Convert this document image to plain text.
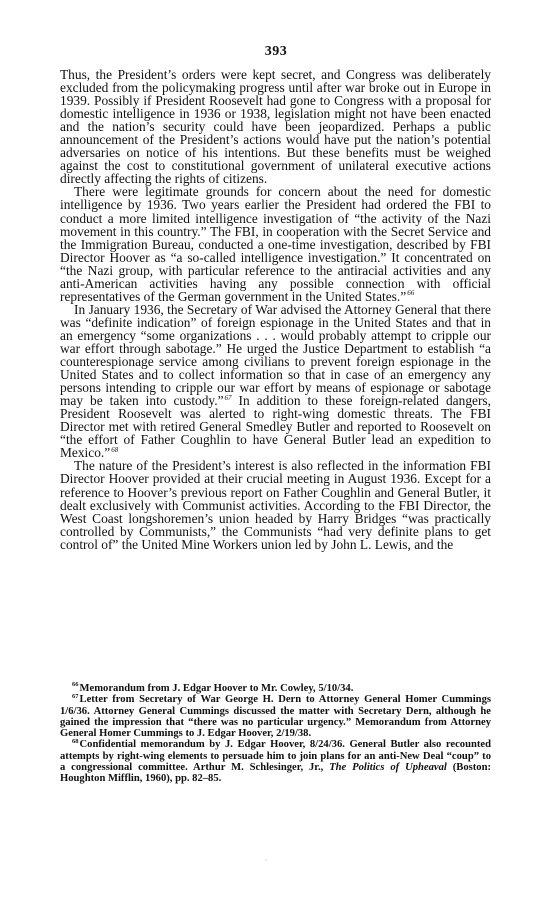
393

Thus, the President’s orders were kept secret, and Congress was deliberately excluded from the policymaking progress until after war broke out in Europe in 1939. Possibly if President Roosevelt had gone to Congress with a proposal for domestic intelligence in 1936 or 1938, legislation might not have been enacted and the nation’s security could have been jeopardized. Perhaps a public announcement of the President’s actions would have put the nation’s potential adversaries on notice of his intentions. But these benefits must be weighed against the cost to constitutional government of unilateral executive actions directly affecting the rights of citizens.

There were legitimate grounds for concern about the need for domestic intelligence by 1936. Two years earlier the President had ordered the FBI to conduct a more limited intelligence investigation of “the activity of the Nazi movement in this country.” The FBI, in cooperation with the Secret Service and the Immigration Bureau, conducted a one-time investigation, described by FBI Director Hoover as “a so-called intelligence investigation.” It concentrated on “the Nazi group, with particular reference to the antiracial activities and any anti-American activities having any possible connection with official representatives of the German government in the United States.”$^{66}$

In January 1936, the Secretary of War advised the Attorney General that there was “definite indication” of foreign espionage in the United States and that in an emergency “some organizations . . . would probably attempt to cripple our war effort through sabotage.” He urged the Justice Department to establish “a counterespionage service among civilians to prevent foreign espionage in the United States and to collect information so that in case of an emergency any persons intending to cripple our war effort by means of espionage or sabotage may be taken into custody.”$^{67}$ In addition to these foreign-related dangers, President Roosevelt was alerted to right-wing domestic threats. The FBI Director met with retired General Smedley Butler and reported to Roosevelt on “the effort of Father Coughlin to have General Butler lead an expedition to Mexico.”$^{68}$

The nature of the President’s interest is also reflected in the information FBI Director Hoover provided at their crucial meeting in August 1936. Except for a reference to Hoover’s previous report on Father Coughlin and General Butler, it dealt exclusively with Communist activities. According to the FBI Director, the West Coast longshoremen’s union headed by Harry Bridges “was practically controlled by Communists,” the Communists “had very definite plans to get control of” the United Mine Workers union led by John L. Lewis, and the

$^{66}$Memorandum from J. Edgar Hoover to Mr. Cowley, 5/10/34.

$^{67}$Letter from Secretary of War George H. Dern to Attorney General Homer Cummings 1/6/36. Attorney General Cummings discussed the matter with Secretary Dern, although he gained the impression that “there was no particular urgency.” Memorandum from Attorney General Homer Cummings to J. Edgar Hoover, 2/19/38.

$^{68}$Confidential memorandum by J. Edgar Hoover, 8/24/36. General Butler also recounted attempts by right-wing elements to persuade him to join plans for an anti-New Deal “coup” to a congressional committee. Arthur M. Schlesinger, Jr., The Politics of Upheaval (Boston: Houghton Mifflin, 1960), pp. 82–85.

·
